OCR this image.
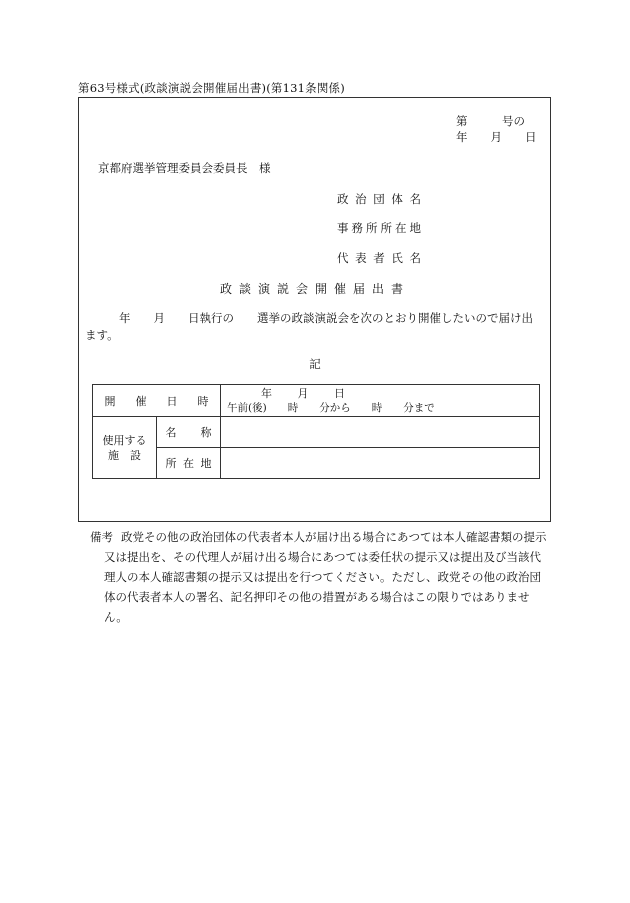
第63号様式(政談演説会開催届出書)(第131条関係)
第　　　号の
年　　月　　日
京都府選挙管理委員会委員長　様
政治団体名
事務所所在地
代表者氏名
政談演説会開催届出書
年　　月　　日執行の　　選挙の政談演説会を次のとおり開催したいので届け出
ます。
記
開催日時		年　月　日
午前(後)　　時　　分から　　時　　分まで

使用する
施　設	名称	
	所在地	
備考 政党その他の政治団体の代表者本人が届け出る場合にあつては本人確認書類の提示又は提出を、その代理人が届け出る場合にあつては委任状の提示又は提出及び当該代理人の本人確認書類の提示又は提出を行つてください。ただし、政党その他の政治団体の代表者本人の署名、記名押印その他の措置がある場合はこの限りではありません。
